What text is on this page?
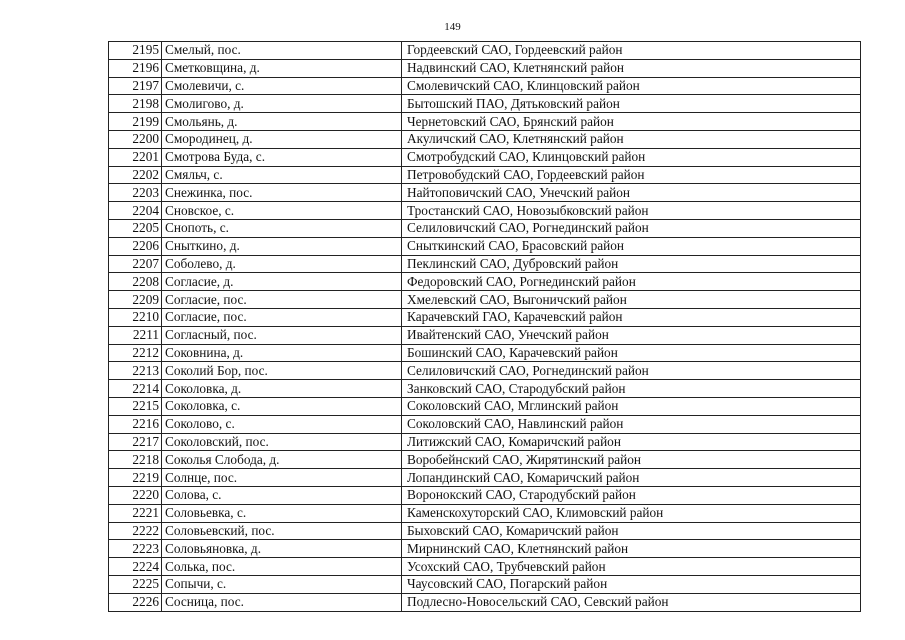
149
2195	Смелый, пос.	Гордеевский САО, Гордеевский район
2196	Сметковщина, д.	Надвинский САО, Клетнянский район
2197	Смолевичи, с.	Смолевичский САО, Клинцовский район
2198	Смолигово, д.	Бытошский ПАО, Дятьковский район
2199	Смольянь, д.	Чернетовский САО, Брянский район
2200	Смородинец, д.	Акуличский САО, Клетнянский район
2201	Смотрова Буда, с.	Смотробудский САО, Клинцовский район
2202	Смяльч, с.	Петровобудский САО, Гордеевский район
2203	Снежинка, пос.	Найтоповичский САО, Унечский район
2204	Сновское, с.	Тростанский САО, Новозыбковский район
2205	Снопоть, с.	Селиловичский САО, Рогнединский район
2206	Сныткино, д.	Сныткинский САО, Брасовский район
2207	Соболево, д.	Пеклинский САО, Дубровский район
2208	Согласие, д.	Федоровский САО, Рогнединский район
2209	Согласие, пос.	Хмелевский САО, Выгоничский район
2210	Согласие, пос.	Карачевский ГАО, Карачевский район
2211	Согласный, пос.	Ивайтенский САО, Унечский район
2212	Соковнина, д.	Бошинский САО, Карачевский район
2213	Соколий Бор, пос.	Селиловичский САО, Рогнединский район
2214	Соколовка, д.	Занковский САО, Стародубский район
2215	Соколовка, с.	Соколовский САО, Мглинский район
2216	Соколово, с.	Соколовский САО, Навлинский район
2217	Соколовский, пос.	Литижский САО, Комаричский район
2218	Соколья Слобода, д.	Воробейнский САО, Жирятинский район
2219	Солнце, пос.	Лопандинский САО, Комаричский район
2220	Солова, с.	Воронокский САО, Стародубский район
2221	Соловьевка, с.	Каменскохуторский САО, Климовский район
2222	Соловьевский, пос.	Быховский САО, Комаричский район
2223	Соловьяновка, д.	Мирнинский САО, Клетнянский район
2224	Солька, пос.	Усохский САО, Трубчевский район
2225	Сопычи, с.	Чаусовский САО, Погарский район
2226	Сосница, пос.	Подлесно-Новосельский САО, Севский район
